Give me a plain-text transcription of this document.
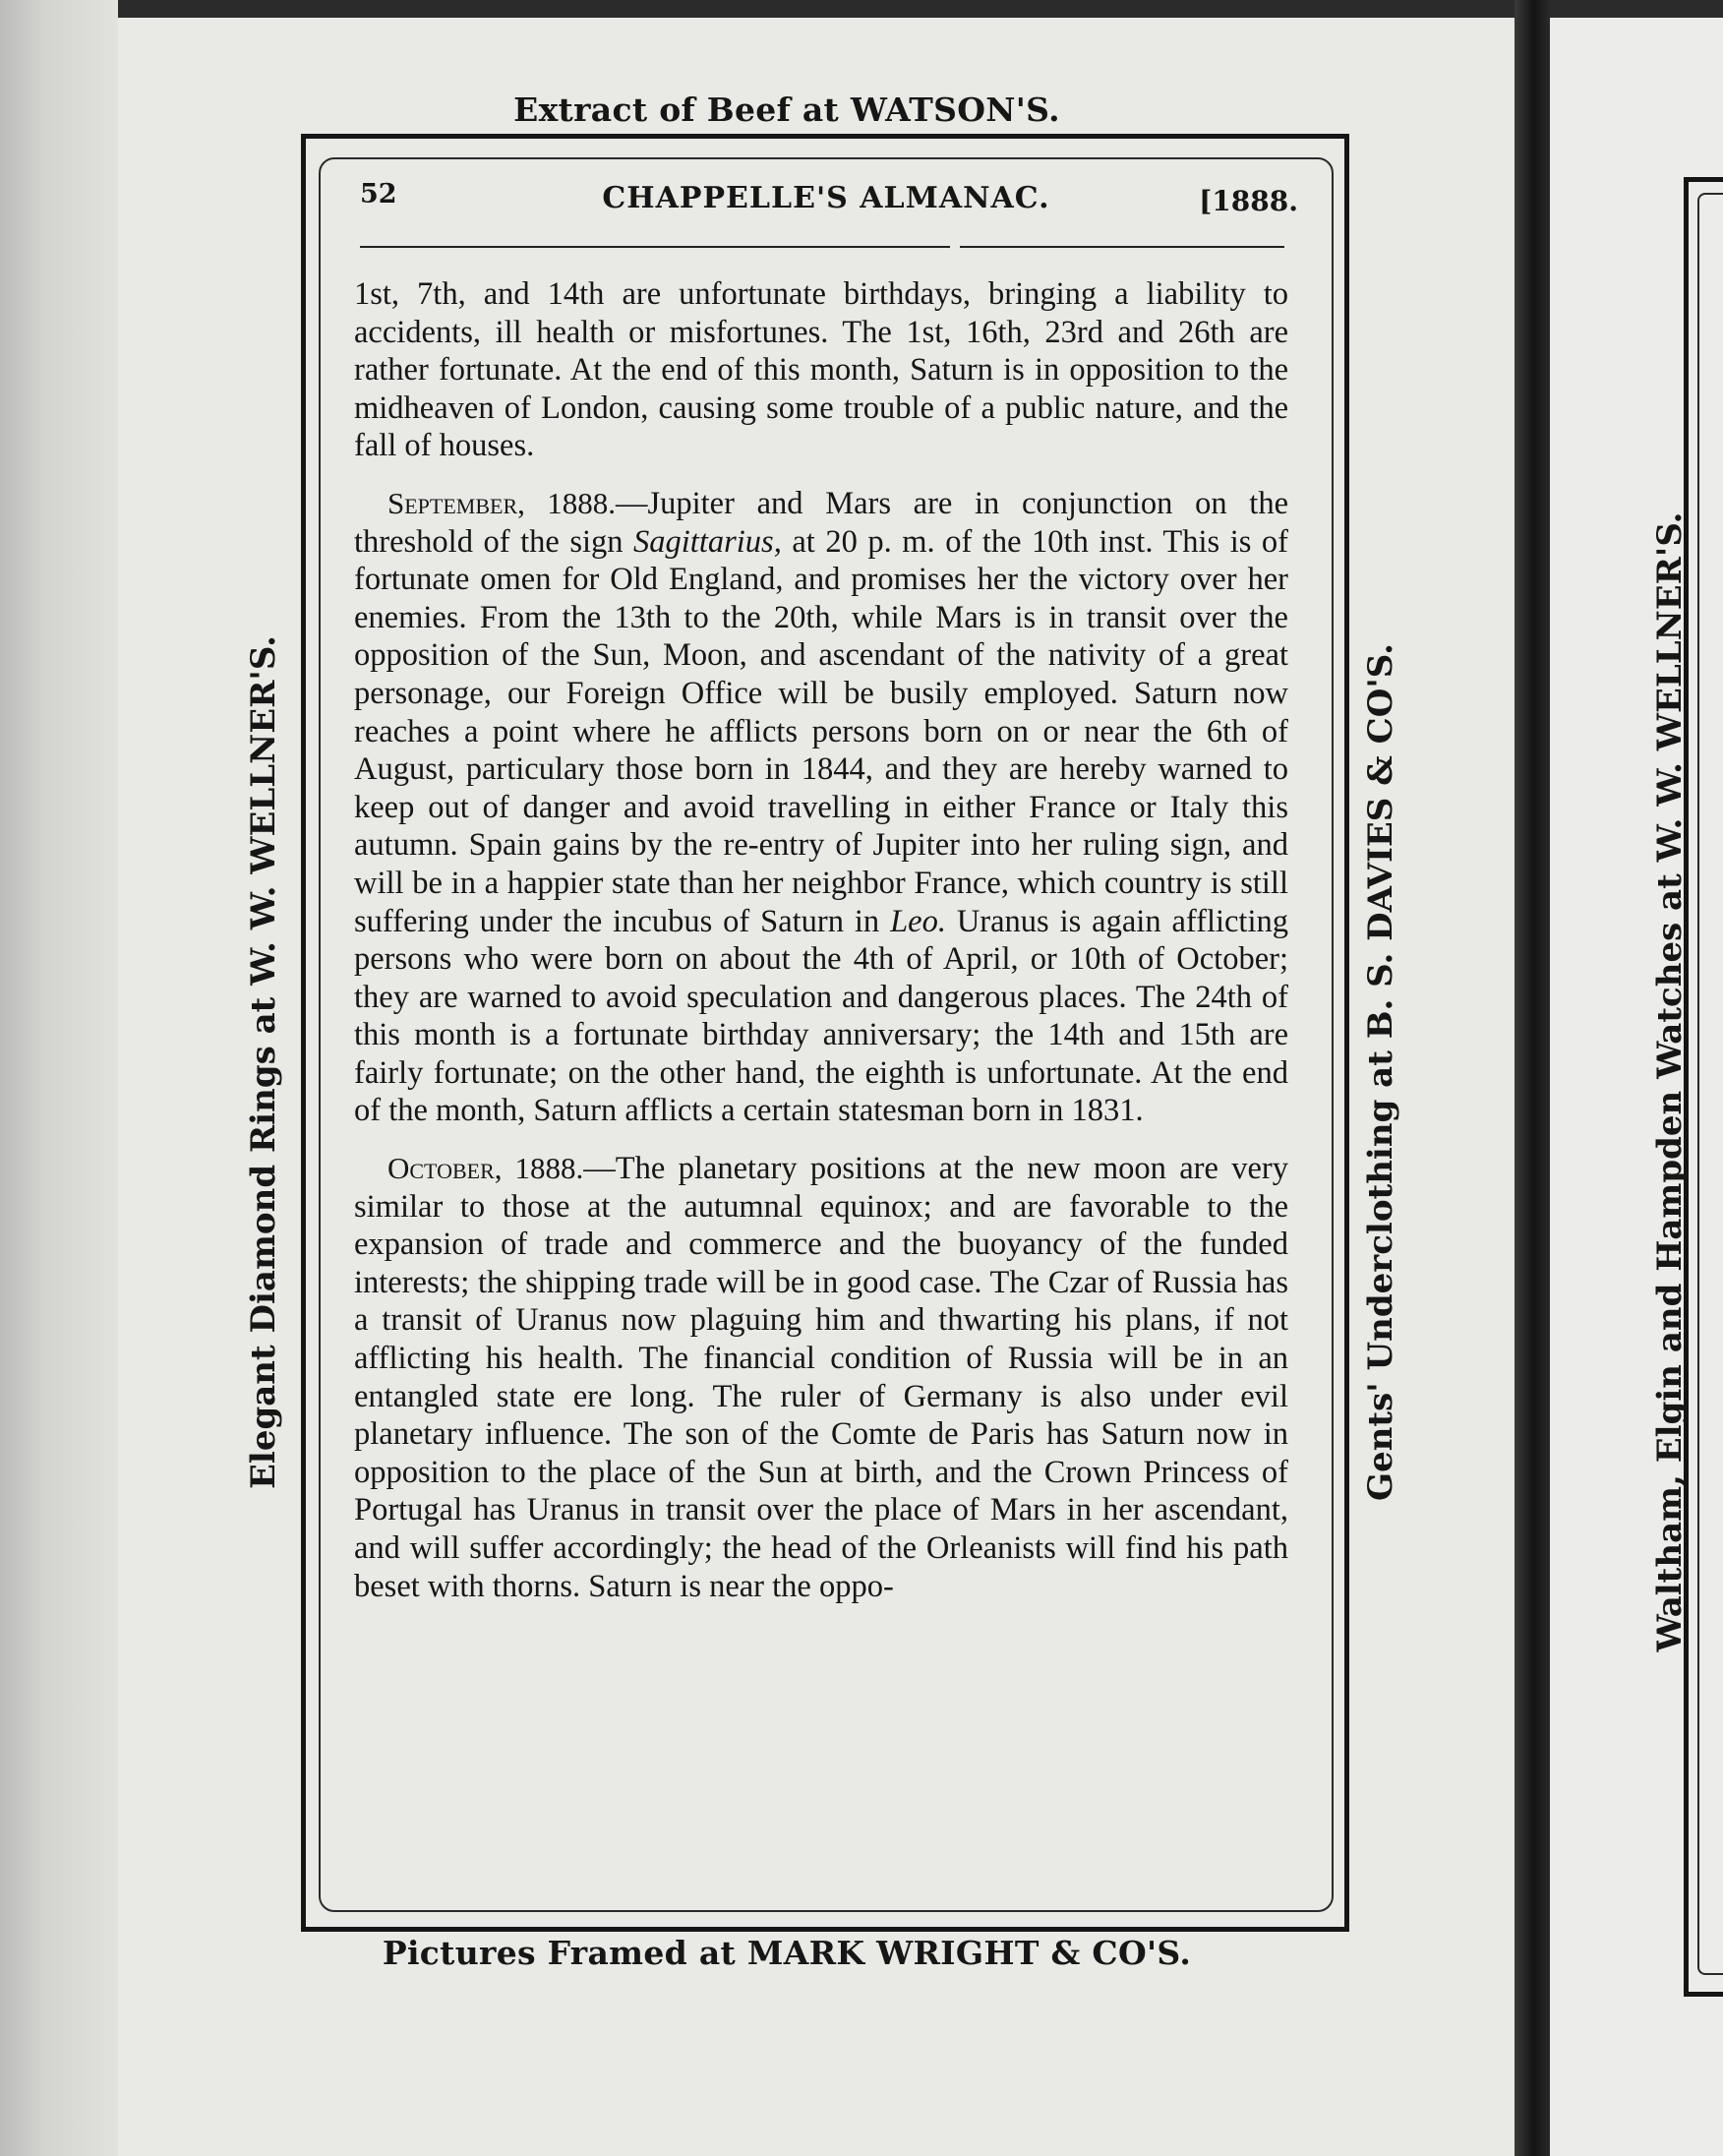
Extract of Beef at WATSON'S.
Pictures Framed at MARK WRIGHT & CO'S.
Elegant Diamond Rings at W. W. WELLNER'S.	Gents' Underclothing at B. S. DAVIES & CO'S.	Waltham, Elgin and Hampden Watches at W. W. WELLNER'S.
52	CHAPPELLE'S ALMANAC.	[1888.

1st, 7th, and 14th are unfortunate birthdays, bringing a liability to accidents, ill health or misfortunes. The 1st, 16th, 23rd and 26th are rather fortunate. At the end of this month, Saturn is in opposition to the midheaven of London, causing some trouble of a public nature, and the fall of houses.

September, 1888.—Jupiter and Mars are in conjunction on the threshold of the sign Sagittarius, at 20 p. m. of the 10th inst. This is of fortunate omen for Old England, and promises her the victory over her enemies. From the 13th to the 20th, while Mars is in transit over the opposition of the Sun, Moon, and ascendant of the nativity of a great personage, our Foreign Office will be busily employed. Saturn now reaches a point where he afflicts persons born on or near the 6th of August, particulary those born in 1844, and they are hereby warned to keep out of danger and avoid travelling in either France or Italy this autumn. Spain gains by the re-entry of Jupiter into her ruling sign, and will be in a happier state than her neighbor France, which country is still suffering under the incubus of Saturn in Leo. Uranus is again afflicting persons who were born on about the 4th of April, or 10th of October; they are warned to avoid speculation and dangerous places. The 24th of this month is a fortunate birthday anniversary; the 14th and 15th are fairly fortunate; on the other hand, the eighth is unfortunate. At the end of the month, Saturn afflicts a certain statesman born in 1831.

October, 1888.—The planetary positions at the new moon are very similar to those at the autumnal equinox; and are favorable to the expansion of trade and commerce and the buoyancy of the funded interests; the shipping trade will be in good case. The Czar of Russia has a transit of Uranus now plaguing him and thwarting his plans, if not afflicting his health. The financial condition of Russia will be in an entangled state ere long. The ruler of Germany is also under evil planetary influence. The son of the Comte de Paris has Saturn now in opposition to the place of the Sun at birth, and the Crown Princess of Portugal has Uranus in transit over the place of Mars in her ascendant, and will suffer accordingly; the head of the Orleanists will find his path beset with thorns. Saturn is near the oppo-
